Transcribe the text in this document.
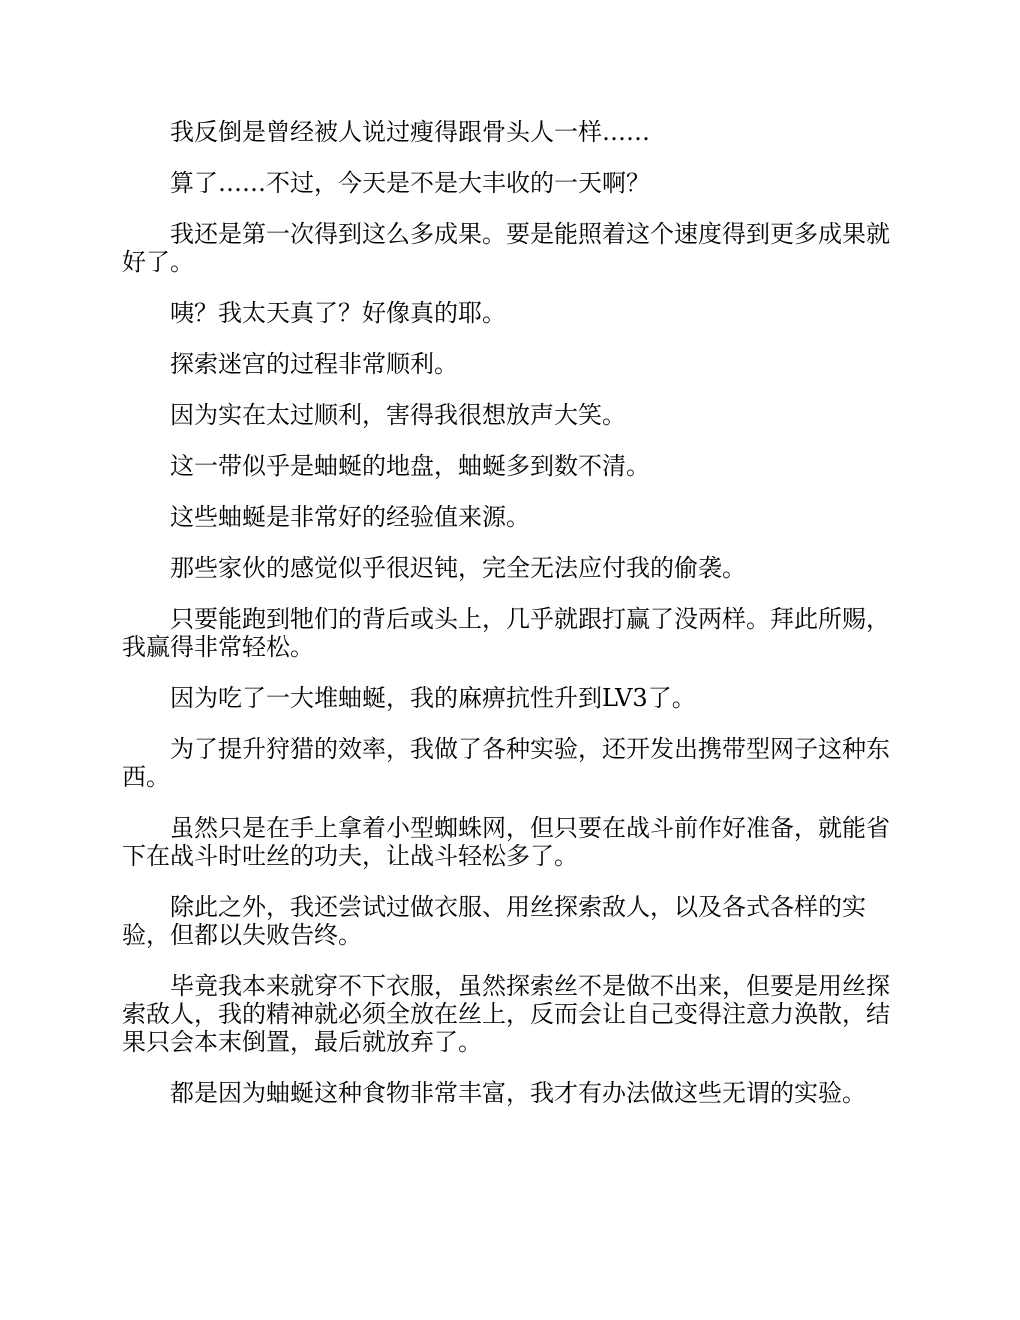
我反倒是曾经被人说过瘦得跟骨头人一样……

算了……不过，今天是不是大丰收的一天啊？

我还是第一次得到这么多成果。要是能照着这个速度得到更多成果就好了。

咦？我太天真了？好像真的耶。

探索迷宫的过程非常顺利。

因为实在太过顺利，害得我很想放声大笑。

这一带似乎是蚰蜒的地盘，蚰蜒多到数不清。

这些蚰蜒是非常好的经验值来源。

那些家伙的感觉似乎很迟钝，完全无法应付我的偷袭。

只要能跑到牠们的背后或头上，几乎就跟打赢了没两样。拜此所赐，我赢得非常轻松。

因为吃了一大堆蚰蜒，我的麻痹抗性升到LV3了。

为了提升狩猎的效率，我做了各种实验，还开发出携带型网子这种东西。

虽然只是在手上拿着小型蜘蛛网，但只要在战斗前作好准备，就能省下在战斗时吐丝的功夫，让战斗轻松多了。

除此之外，我还尝试过做衣服、用丝探索敌人，以及各式各样的实验，但都以失败告终。

毕竟我本来就穿不下衣服，虽然探索丝不是做不出来，但要是用丝探索敌人，我的精神就必须全放在丝上，反而会让自己变得注意力涣散，结果只会本末倒置，最后就放弃了。

都是因为蚰蜒这种食物非常丰富，我才有办法做这些无谓的实验。
